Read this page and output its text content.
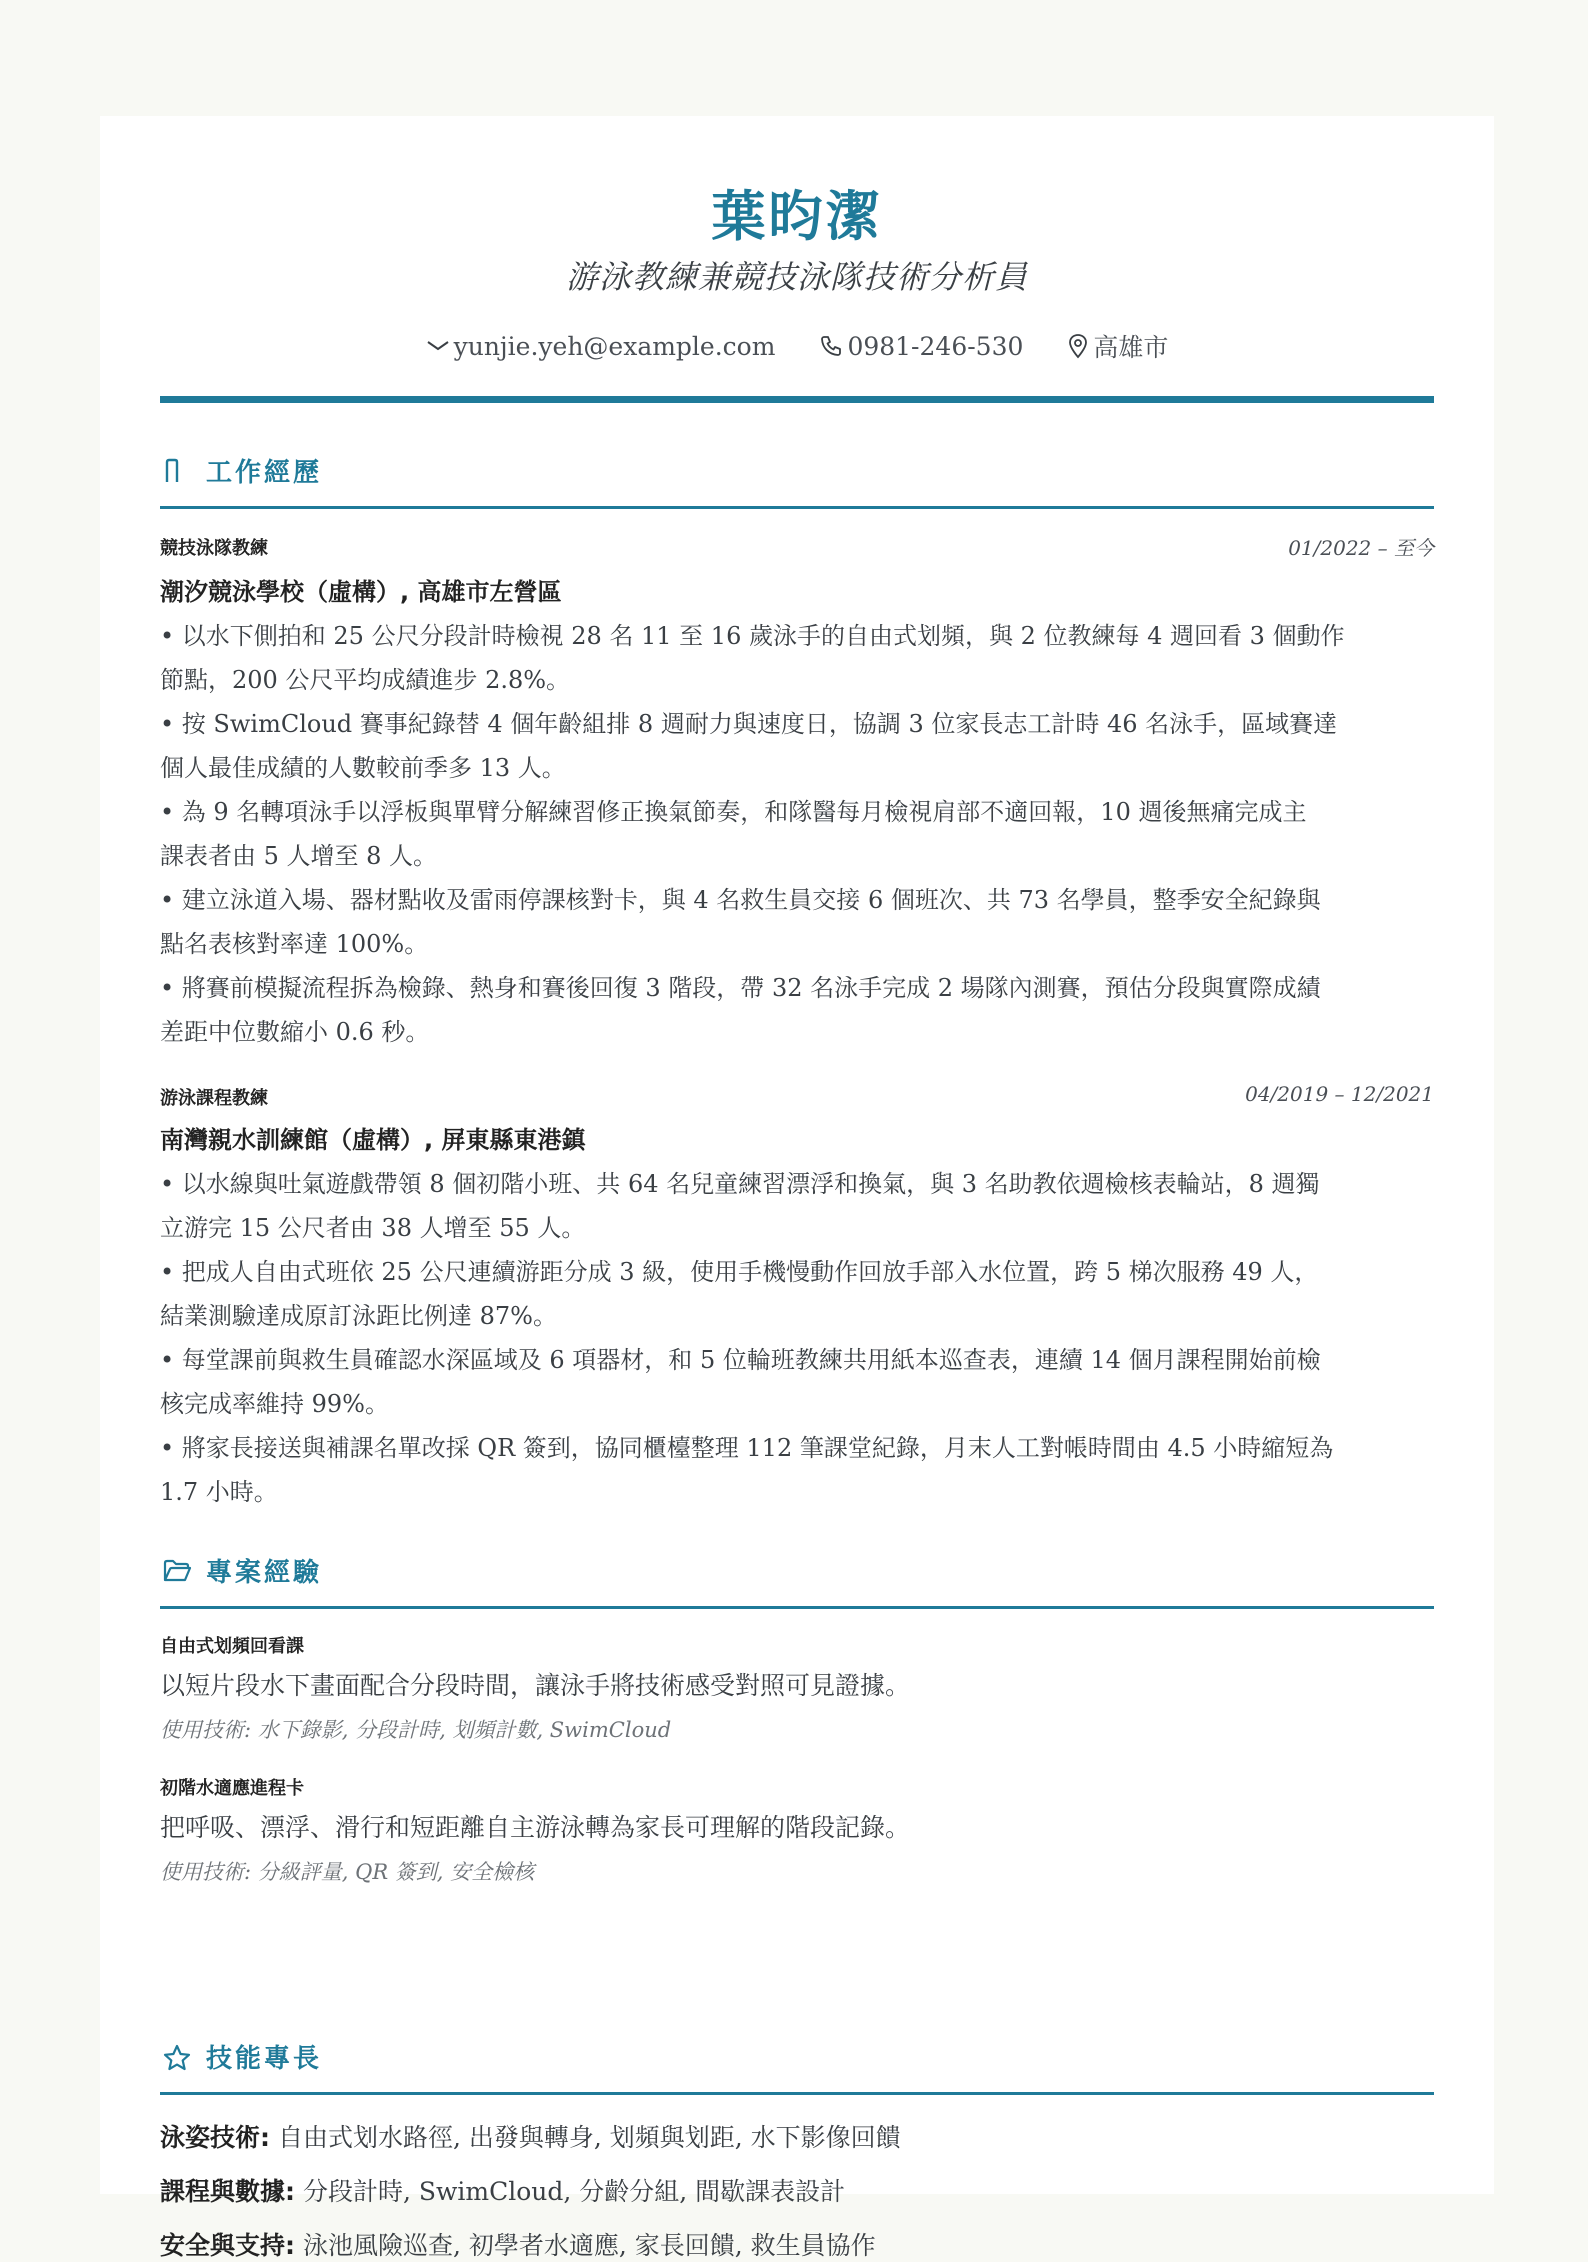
葉昀潔
游泳教練兼競技泳隊技術分析員
yunjie.yeh@example.com	0981-246-530	高雄市
工作經歷
競技泳隊教練	01/2022 – 至今
潮汐競泳學校（虛構）, 高雄市左營區
• 以水下側拍和 25 公尺分段計時檢視 28 名 11 至 16 歲泳手的自由式划頻，與 2 位教練每 4 週回看 3 個動作
節點，200 公尺平均成績進步 2.8%。
• 按 SwimCloud 賽事紀錄替 4 個年齡組排 8 週耐力與速度日，協調 3 位家長志工計時 46 名泳手，區域賽達
個人最佳成績的人數較前季多 13 人。
• 為 9 名轉項泳手以浮板與單臂分解練習修正換氣節奏，和隊醫每月檢視肩部不適回報，10 週後無痛完成主
課表者由 5 人增至 8 人。
• 建立泳道入場、器材點收及雷雨停課核對卡，與 4 名救生員交接 6 個班次、共 73 名學員，整季安全紀錄與
點名表核對率達 100%。
• 將賽前模擬流程拆為檢錄、熱身和賽後回復 3 階段，帶 32 名泳手完成 2 場隊內測賽，預估分段與實際成績
差距中位數縮小 0.6 秒。
游泳課程教練	04/2019 – 12/2021
南灣親水訓練館（虛構）, 屏東縣東港鎮
• 以水線與吐氣遊戲帶領 8 個初階小班、共 64 名兒童練習漂浮和換氣，與 3 名助教依週檢核表輪站，8 週獨
立游完 15 公尺者由 38 人增至 55 人。
• 把成人自由式班依 25 公尺連續游距分成 3 級，使用手機慢動作回放手部入水位置，跨 5 梯次服務 49 人，
結業測驗達成原訂泳距比例達 87%。
• 每堂課前與救生員確認水深區域及 6 項器材，和 5 位輪班教練共用紙本巡查表，連續 14 個月課程開始前檢
核完成率維持 99%。
• 將家長接送與補課名單改採 QR 簽到，協同櫃檯整理 112 筆課堂紀錄，月末人工對帳時間由 4.5 小時縮短為
1.7 小時。
專案經驗
自由式划頻回看課
以短片段水下畫面配合分段時間，讓泳手將技術感受對照可見證據。
使用技術: 水下錄影, 分段計時, 划頻計數, SwimCloud
初階水適應進程卡
把呼吸、漂浮、滑行和短距離自主游泳轉為家長可理解的階段記錄。
使用技術: 分級評量, QR 簽到, 安全檢核
技能專長
泳姿技術: 自由式划水路徑, 出發與轉身, 划頻與划距, 水下影像回饋
課程與數據: 分段計時, SwimCloud, 分齡分組, 間歇課表設計
安全與支持: 泳池風險巡查, 初學者水適應, 家長回饋, 救生員協作
